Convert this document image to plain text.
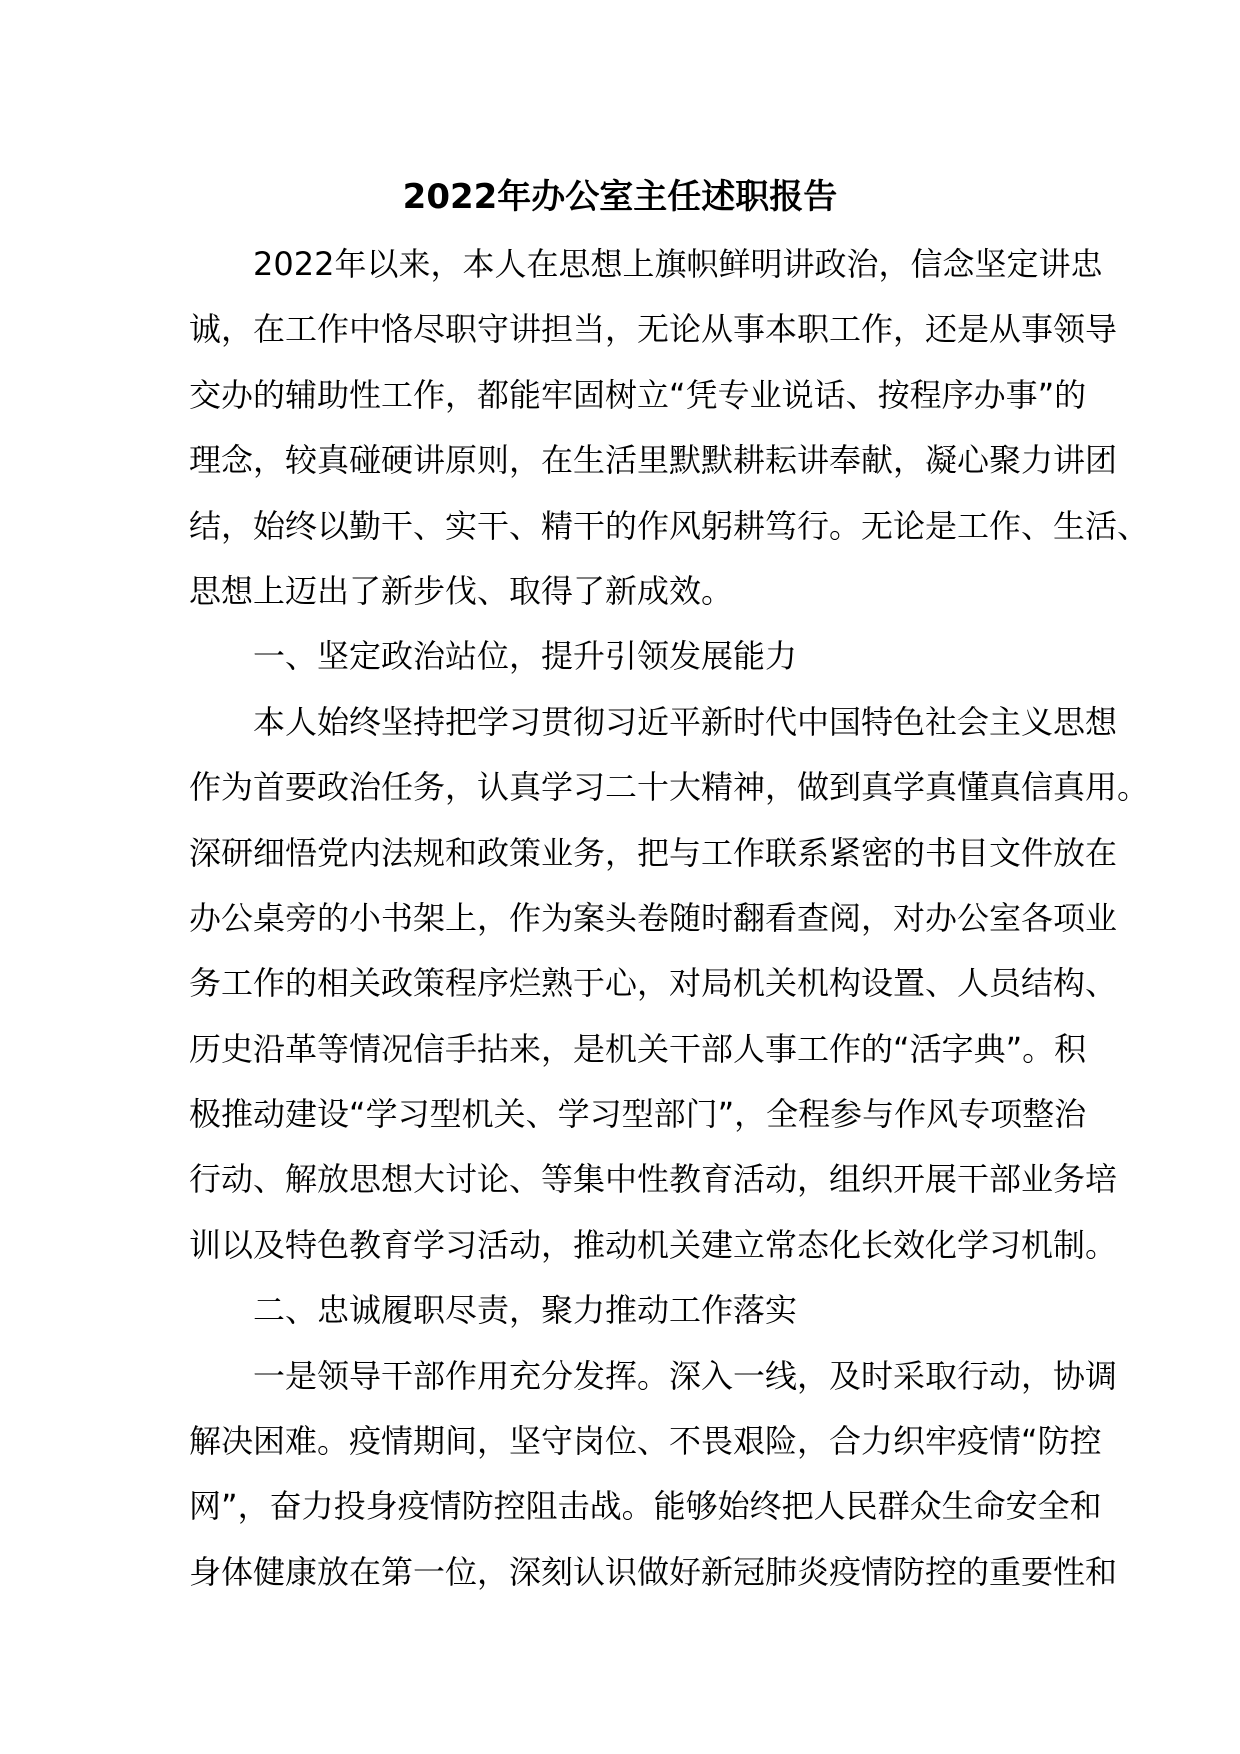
2022年办公室主任述职报告
2022年以来，本人在思想上旗帜鲜明讲政治，信念坚定讲忠
诚，在工作中恪尽职守讲担当，无论从事本职工作，还是从事领导
交办的辅助性工作，都能牢固树立“凭专业说话、按程序办事”的
理念，较真碰硬讲原则，在生活里默默耕耘讲奉献，凝心聚力讲团
结，始终以勤干、实干、精干的作风躬耕笃行。无论是工作、生活、
思想上迈出了新步伐、取得了新成效。
一、坚定政治站位，提升引领发展能力
本人始终坚持把学习贯彻习近平新时代中国特色社会主义思想
作为首要政治任务，认真学习二十大精神，做到真学真懂真信真用。
深研细悟党内法规和政策业务，把与工作联系紧密的书目文件放在
办公桌旁的小书架上，作为案头卷随时翻看查阅，对办公室各项业
务工作的相关政策程序烂熟于心，对局机关机构设置、人员结构、
历史沿革等情况信手拈来，是机关干部人事工作的“活字典”。积
极推动建设“学习型机关、学习型部门”，全程参与作风专项整治
行动、解放思想大讨论、等集中性教育活动，组织开展干部业务培
训以及特色教育学习活动，推动机关建立常态化长效化学习机制。
二、忠诚履职尽责，聚力推动工作落实
一是领导干部作用充分发挥。深入一线，及时采取行动，协调
解决困难。疫情期间，坚守岗位、不畏艰险，合力织牢疫情“防控
网”，奋力投身疫情防控阻击战。能够始终把人民群众生命安全和
身体健康放在第一位，深刻认识做好新冠肺炎疫情防控的重要性和
